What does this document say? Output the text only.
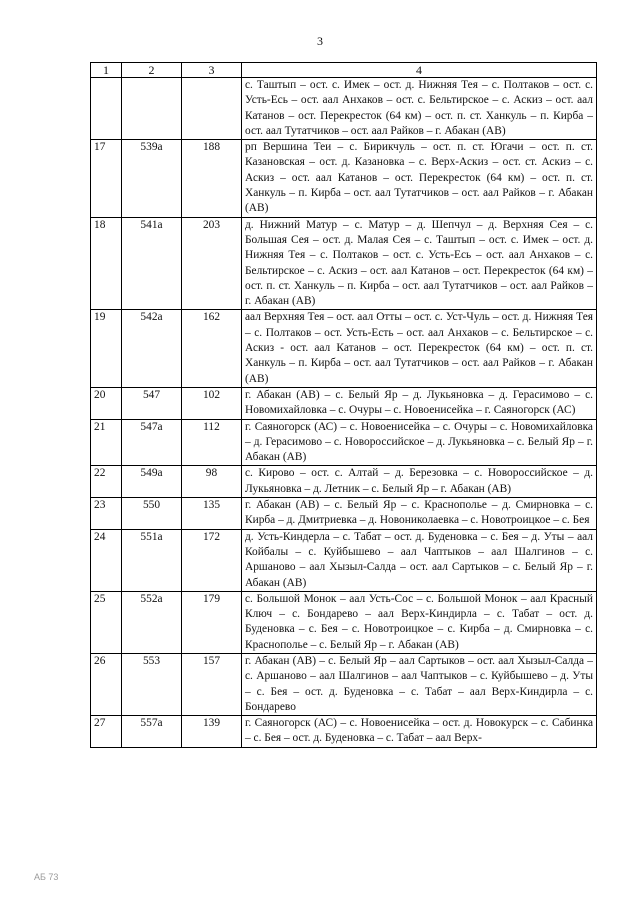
3
1	2	3	4
			с. Таштып – ост. с. Имек – ост. д. Нижняя Тея – с. Полтаков – ост. с. Усть-Есь – ост. аал Анхаков – ост. с. Бельтирское – с. Аскиз – ост. аал Катанов – ост. Перекресток (64 км) – ост. п. ст. Ханкуль – п. Кирба – ост. аал Тутатчиков – ост. аал Райков – г. Абакан (АВ)
17	539а	188	рп Вершина Теи – с. Бирикчуль – ост. п. ст. Югачи – ост. п. ст. Казановская – ост. д. Казановка – с. Верх-Аскиз – ост. ст. Аскиз – с. Аскиз – ост. аал Катанов – ост. Перекресток (64 км) – ост. п. ст. Ханкуль – п. Кирба – ост. аал Тутатчиков – ост. аал Райков – г. Абакан (АВ)
18	541а	203	д. Нижний Матур – с. Матур – д. Шепчул – д. Верхняя Сея – с. Большая Сея – ост. д. Малая Сея – с. Таштып – ост. с. Имек – ост. д. Нижняя Тея – с. Полтаков – ост. с. Усть-Есь – ост. аал Анхаков – с. Бельтирское – с. Аскиз – ост. аал Катанов – ост. Перекресток (64 км) – ост. п. ст. Ханкуль – п. Кирба – ост. аал Тутатчиков – ост. аал Райков – г. Абакан (АВ)
19	542а	162	аал Верхняя Тея – ост. аал Отты – ост. с. Уст-Чуль – ост. д. Нижняя Тея – с. Полтаков – ост. Усть-Есть – ост. аал Анхаков – с. Бельтирское – с. Аскиз - ост. аал Катанов – ост. Перекресток (64 км) – ост. п. ст. Ханкуль – п. Кирба – ост. аал Тутатчиков – ост. аал Райков – г. Абакан (АВ)
20	547	102	г. Абакан (АВ) – с. Белый Яр – д. Лукьяновка – д. Герасимово – с. Новомихайловка – с. Очуры – с. Новоенисейка – г. Саяногорск (АС)
21	547а	112	г. Саяногорск (АС) – с. Новоенисейка – с. Очуры – с. Новомихайловка – д. Герасимово – с. Новороссийское – д. Лукьяновка – с. Белый Яр – г. Абакан (АВ)
22	549а	98	с. Кирово – ост. с. Алтай – д. Березовка – с. Новороссийское – д. Лукьяновка – д. Летник – с. Белый Яр – г. Абакан (АВ)
23	550	135	г. Абакан (АВ) – с. Белый Яр – с. Краснополье – д. Смирновка – с. Кирба – д. Дмитриевка – д. Новониколаевка – с. Новотроицкое – с. Бея
24	551а	172	д. Усть-Киндерла – с. Табат – ост. д. Буденовка – с. Бея – д. Уты – аал Койбалы – с. Куйбышево – аал Чаптыков – аал Шалгинов – с. Аршаново – аал Хызыл-Салда – ост. аал Сартыков – с. Белый Яр – г. Абакан (АВ)
25	552а	179	с. Большой Монок – аал Усть-Сос – с. Большой Монок – аал Красный Ключ – с. Бондарево – аал Верх-Киндирла – с. Табат – ост. д. Буденовка – с. Бея – с. Новотроицкое – с. Кирба – д. Смирновка – с. Краснополье – с. Белый Яр – г. Абакан (АВ)
26	553	157	г. Абакан (АВ) – с. Белый Яр – аал Сартыков – ост. аал Хызыл-Салда – с. Аршаново – аал Шалгинов – аал Чаптыков – с. Куйбышево – д. Уты – с. Бея – ост. д. Буденовка – с. Табат – аал Верх-Киндирла – с. Бондарево
27	557а	139	г. Саяногорск (АС) – с. Новоенисейка – ост. д. Новокурск – с. Сабинка – с. Бея – ост. д. Буденовка – с. Табат – аал Верх-
АБ 73
